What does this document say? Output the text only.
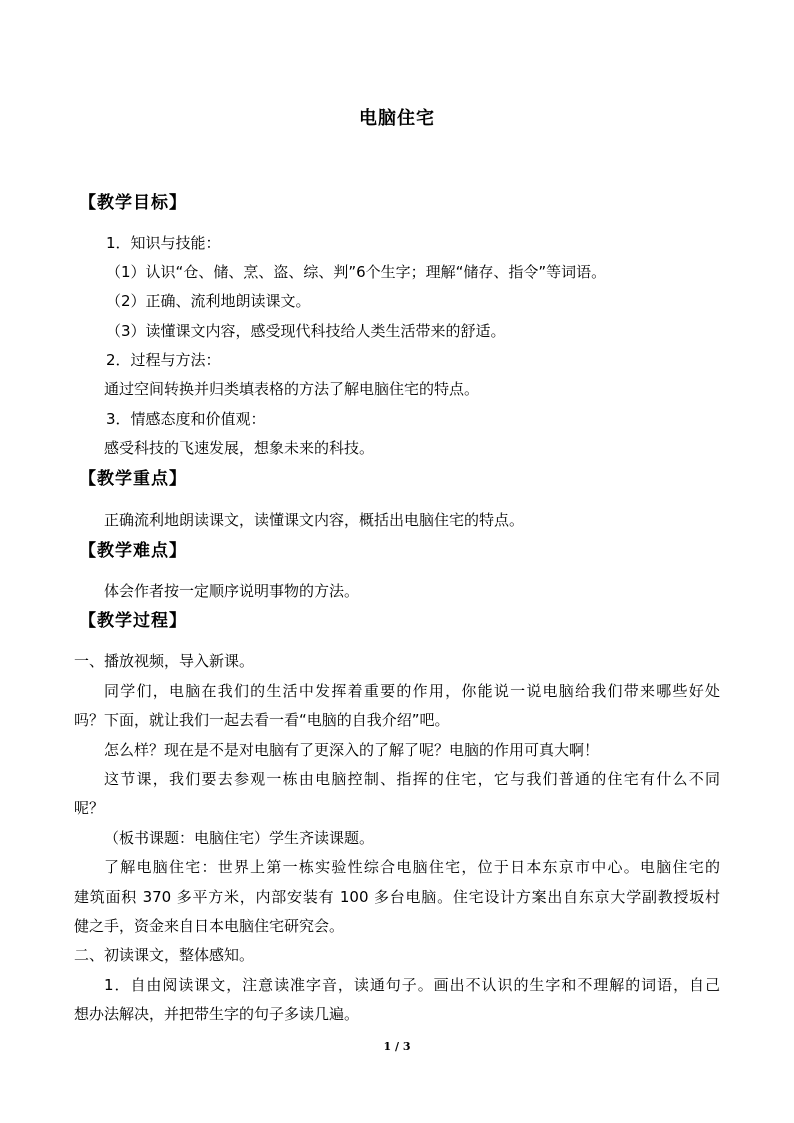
电脑住宅
【教学目标】
1．知识与技能：
（1）认识“仓、储、烹、盗、综、判”6个生字；理解“储存、指令”等词语。
（2）正确、流利地朗读课文。
（3）读懂课文内容，感受现代科技给人类生活带来的舒适。
2．过程与方法：
通过空间转换并归类填表格的方法了解电脑住宅的特点。
3．情感态度和价值观：
感受科技的飞速发展，想象未来的科技。
【教学重点】
正确流利地朗读课文，读懂课文内容，概括出电脑住宅的特点。
【教学难点】
体会作者按一定顺序说明事物的方法。
【教学过程】
一、播放视频，导入新课。
同学们，电脑在我们的生活中发挥着重要的作用，你能说一说电脑给我们带来哪些好处
吗？下面，就让我们一起去看一看“电脑的自我介绍”吧。
怎么样？现在是不是对电脑有了更深入的了解了呢？电脑的作用可真大啊！
这节课，我们要去参观一栋由电脑控制、指挥的住宅，它与我们普通的住宅有什么不同
呢？
（板书课题：电脑住宅）学生齐读课题。
了解电脑住宅：世界上第一栋实验性综合电脑住宅，位于日本东京市中心。电脑住宅的
建筑面积 370 多平方米，内部安装有 100 多台电脑。住宅设计方案出自东京大学副教授坂村
健之手，资金来自日本电脑住宅研究会。
二、初读课文，整体感知。
1．自由阅读课文，注意读准字音，读通句子。画出不认识的生字和不理解的词语，自己
想办法解决，并把带生字的句子多读几遍。
1 / 3
